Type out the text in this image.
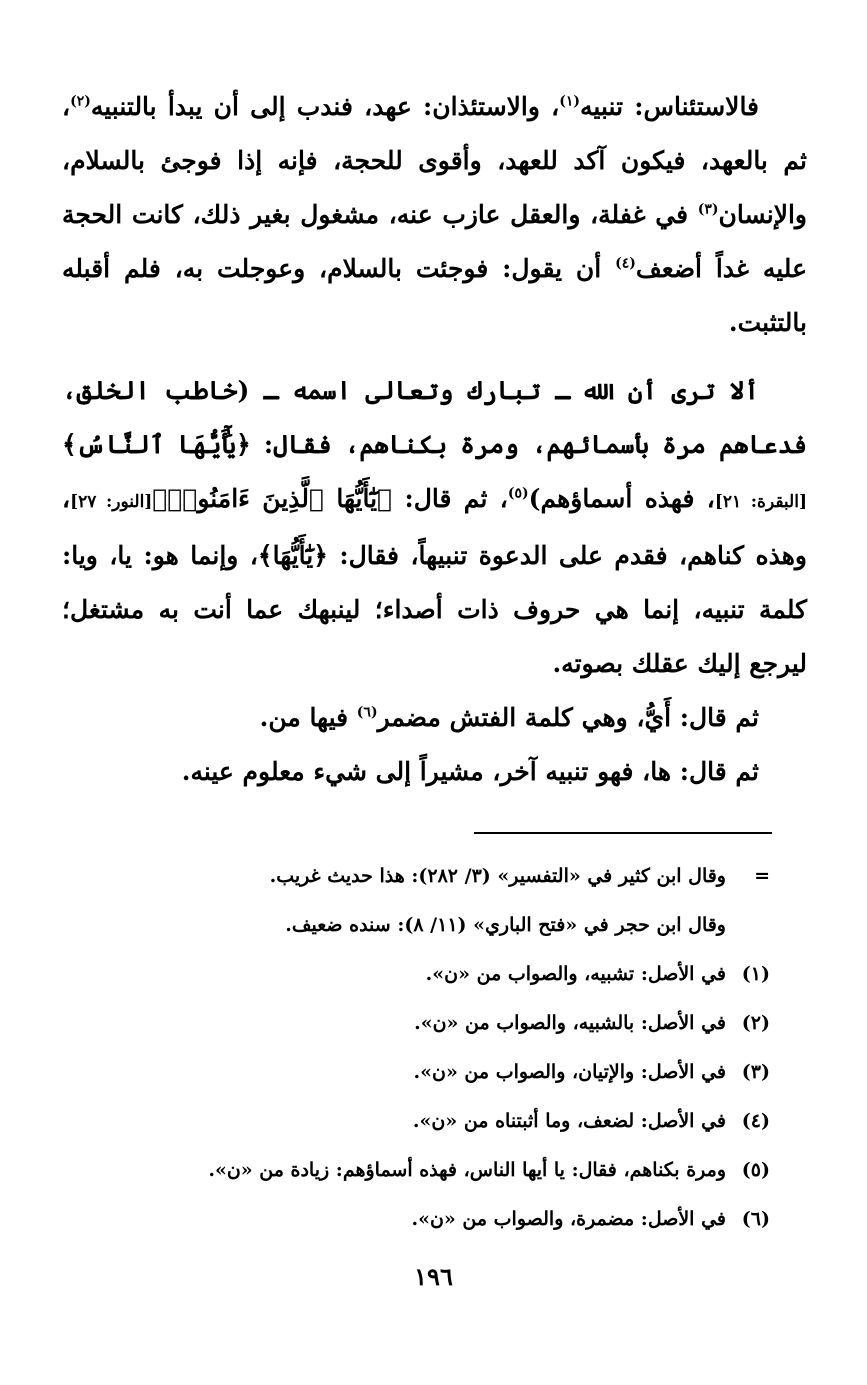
فالاستئناس: تنبيه$^{(١)}$، والاستئذان: عهد، فندب إلى أن يبدأ بالتنبيه$^{(٢)}$، ثم بالعهد، فيكون آكد للعهد، وأقوى للحجة، فإنه إذا فوجئ بالسلام، والإنسان$^{(٣)}$ في غفلة، والعقل عازب عنه، مشغول بغير ذلك، كانت الحجة عليه غداً أضعف$^{(٤)}$ أن يقول: فوجئت بالسلام، وعوجلت به، فلم أقبله بالتثبت.

ألا ترى أن الله ـ تبارك وتعالى اسمه ـ (خاطب الخلق، فدعاهم مرة بأسمائهم، ومرة بكناهم، فقال: ﴿يَٰٓأَيُّهَا ٱلنَّاسُ﴾[البقرة: ٢١]، فهذه أسماؤهم)$^{(٥)}$، ثم قال: ﴿يَٰٓأَيُّهَا ٱلَّذِينَ ءَامَنُوا۟﴾[النور: ٢٧]، وهذه كناهم، فقدم على الدعوة تنبيهاً، فقال: ﴿يَٰٓأَيُّهَا﴾، وإنما هو: يا، ويا: كلمة تنبيه، إنما هي حروف ذات أصداء؛ لينبهك عما أنت به مشتغل؛ ليرجع إليك عقلك بصوته.

ثم قال: أَيُّ، وهي كلمة الفتش مضمر$^{(٦)}$ فيها من.

ثم قال: ها، فهو تنبيه آخر، مشيراً إلى شيء معلوم عينه.

=
وقال ابن كثير في «التفسير» (٣/ ٢٨٢): هذا حديث غريب.

وقال ابن حجر في «فتح الباري» (١١/ ٨): سنده ضعيف.

(١)
في الأصل: تشبيه، والصواب من «ن».

(٢)
في الأصل: بالشبيه، والصواب من «ن».

(٣)
في الأصل: والإتيان، والصواب من «ن».

(٤)
في الأصل: لضعف، وما أثبتناه من «ن».

(٥)
ومرة بكناهم، فقال: يا أيها الناس، فهذه أسماؤهم: زيادة من «ن».

(٦)
في الأصل: مضمرة، والصواب من «ن».

١٩٦
